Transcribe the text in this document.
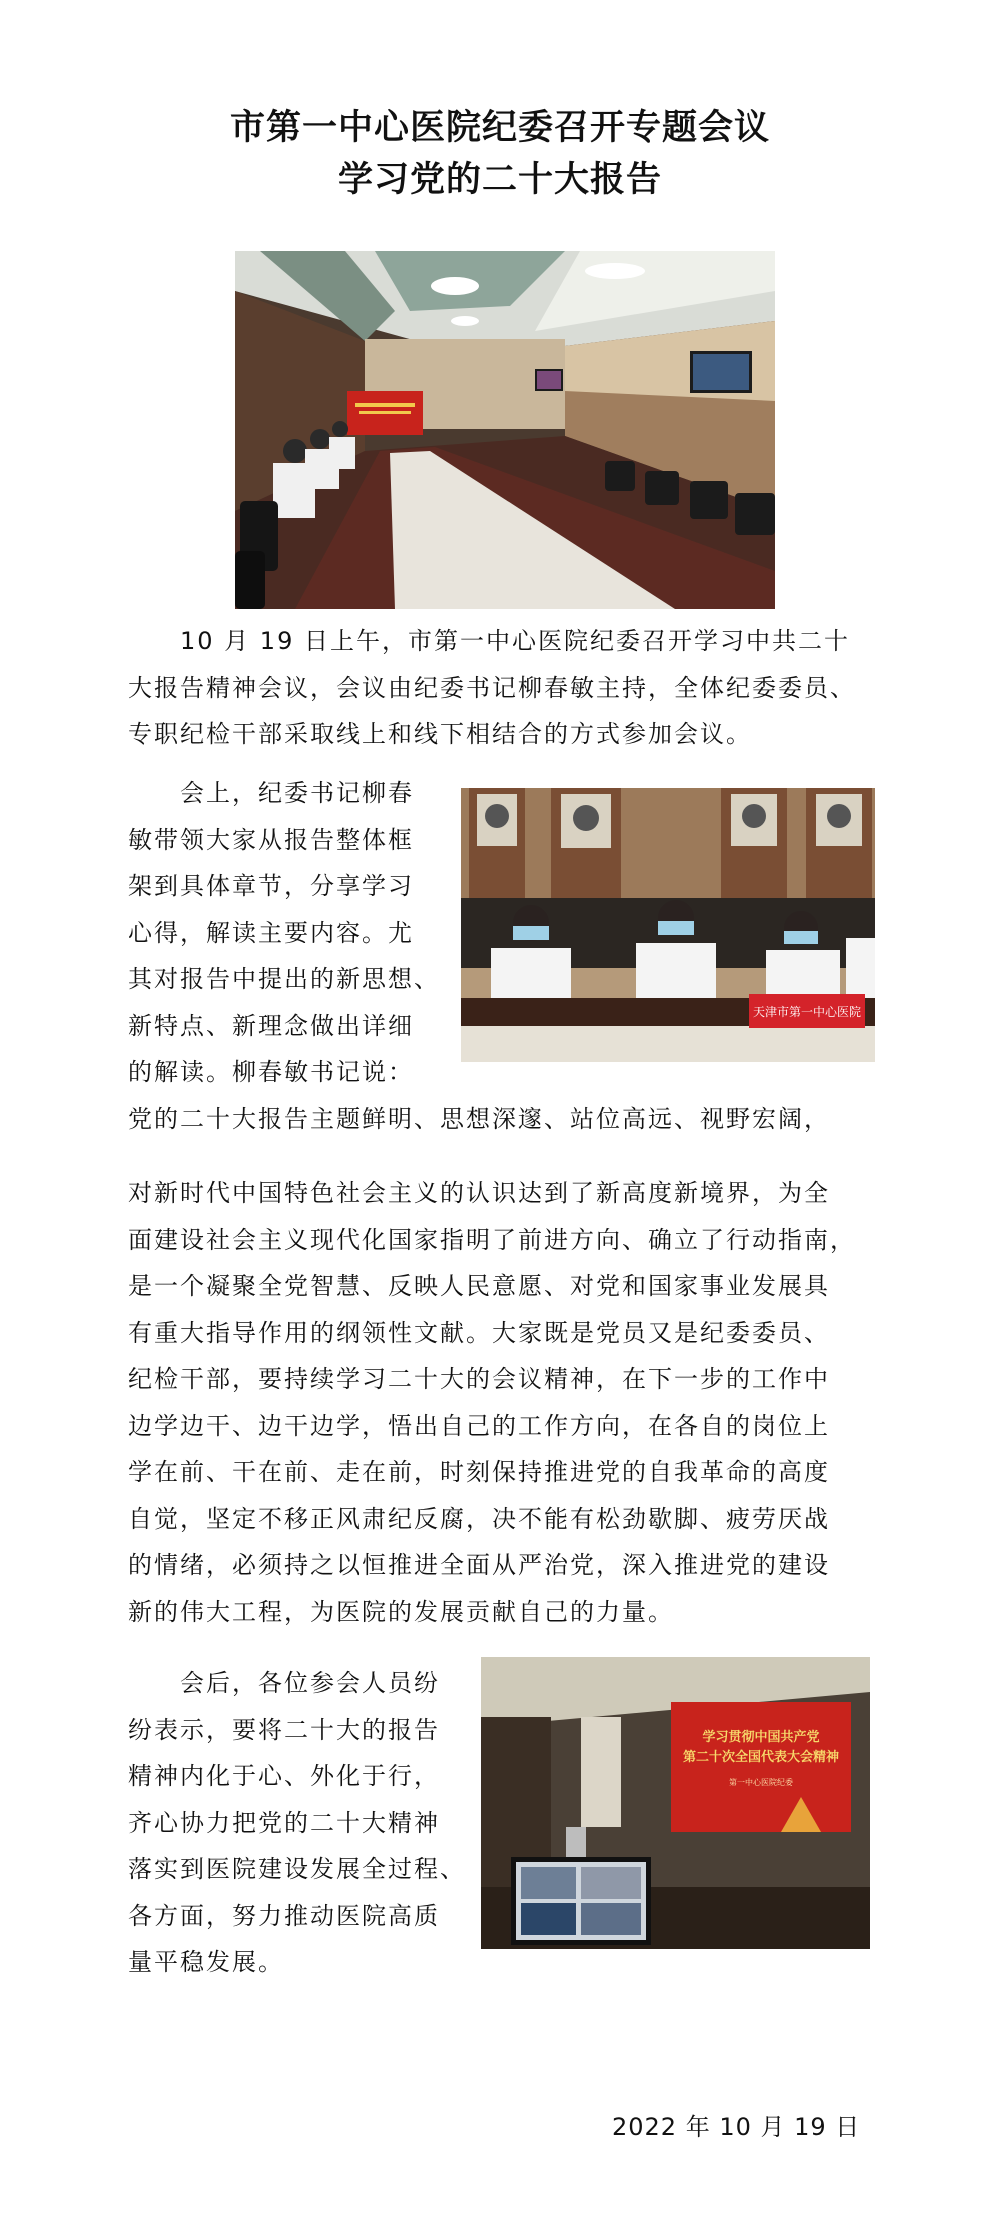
市第一中心医院纪委召开专题会议
学习党的二十大报告
　　10 月 19 日上午，市第一中心医院纪委召开学习中共二十
大报告精神会议，会议由纪委书记柳春敏主持，全体纪委委员、
专职纪检干部采取线上和线下相结合的方式参加会议。
　　会上，纪委书记柳春
敏带领大家从报告整体框
架到具体章节，分享学习
心得，解读主要内容。尤
其对报告中提出的新思想、
新特点、新理念做出详细
的解读。柳春敏书记说：
党的二十大报告主题鲜明、思想深邃、站位高远、视野宏阔，
天津市第一中心医院
对新时代中国特色社会主义的认识达到了新高度新境界，为全
面建设社会主义现代化国家指明了前进方向、确立了行动指南，
是一个凝聚全党智慧、反映人民意愿、对党和国家事业发展具
有重大指导作用的纲领性文献。大家既是党员又是纪委委员、
纪检干部，要持续学习二十大的会议精神，在下一步的工作中
边学边干、边干边学，悟出自己的工作方向，在各自的岗位上
学在前、干在前、走在前，时刻保持推进党的自我革命的高度
自觉，坚定不移正风肃纪反腐，决不能有松劲歇脚、疲劳厌战
的情绪，必须持之以恒推进全面从严治党，深入推进党的建设
新的伟大工程，为医院的发展贡献自己的力量。
　　会后，各位参会人员纷
纷表示，要将二十大的报告
精神内化于心、外化于行，
齐心协力把党的二十大精神
落实到医院建设发展全过程、
各方面，努力推动医院高质
量平稳发展。
学习贯彻中国共产党
第二十次全国代表大会精神
第一中心医院纪委
2022 年 10 月 19 日
